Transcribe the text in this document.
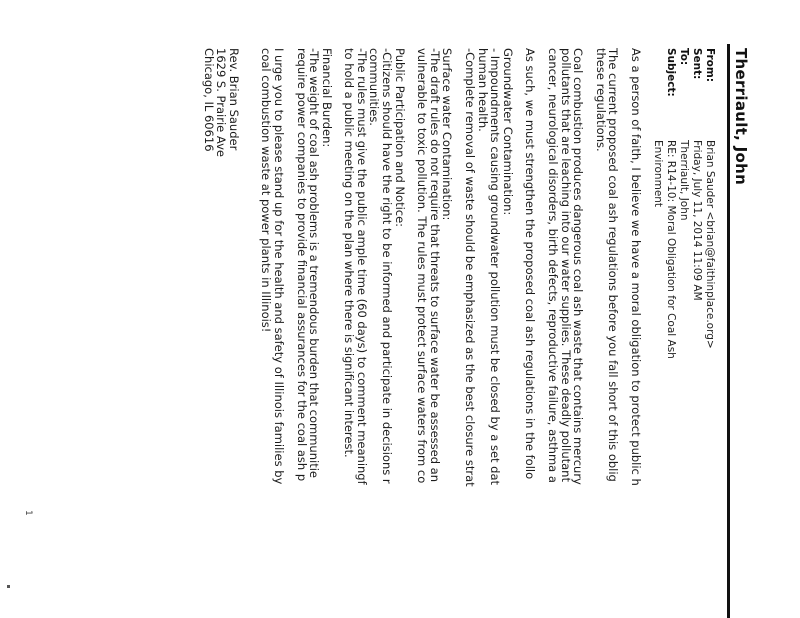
Therriault, John
From:
Brian Sauder <brian@faithinplace.org>
Sent:
Friday, July 11, 2014 11:09 AM
To:
Therriault, John
Subject:
RE: R14-10: Moral Obligation for Coal Ash
Environment

As a person of faith, I believe we have a moral obligation to protect public h

The current proposed coal ash regulations before you fall short of this oblig

these regulations.

Coal combustion produces dangerous coal ash waste that contains mercury

pollutants that are leaching into our water supplies. These deadly pollutant

cancer, neurological disorders, birth defects, reproductive failure, asthma a

As such, we must strengthen the proposed coal ash regulations in the follo

Groundwater Contamination:

- Impoundments causing groundwater pollution must be closed by a set dat

human health.

-Complete removal of waste should be emphasized as the best closure strat

Surface water Contamination:

-The draft rules do not require that threats to surface water be assessed an

vulnerable to toxic pollution. The rules must protect surface waters from co

Public Participation and Notice:

-Citizens should have the right to be informed and participate in decisions r

communities.

-The rules must give the public ample time (60 days) to comment meaningf

to hold a public meeting on the plan where there is significant interest.

Financial Burden:

-The weight of coal ash problems is a tremendous burden that communitie

require power companies to provide financial assurances for the coal ash p

I urge you to please stand up for the health and safety of Illinois families by

coal combustion waste at power plants in Illinois!

Rev. Brian Sauder

1629 S. Prairie Ave

Chicago, IL 60616

1
